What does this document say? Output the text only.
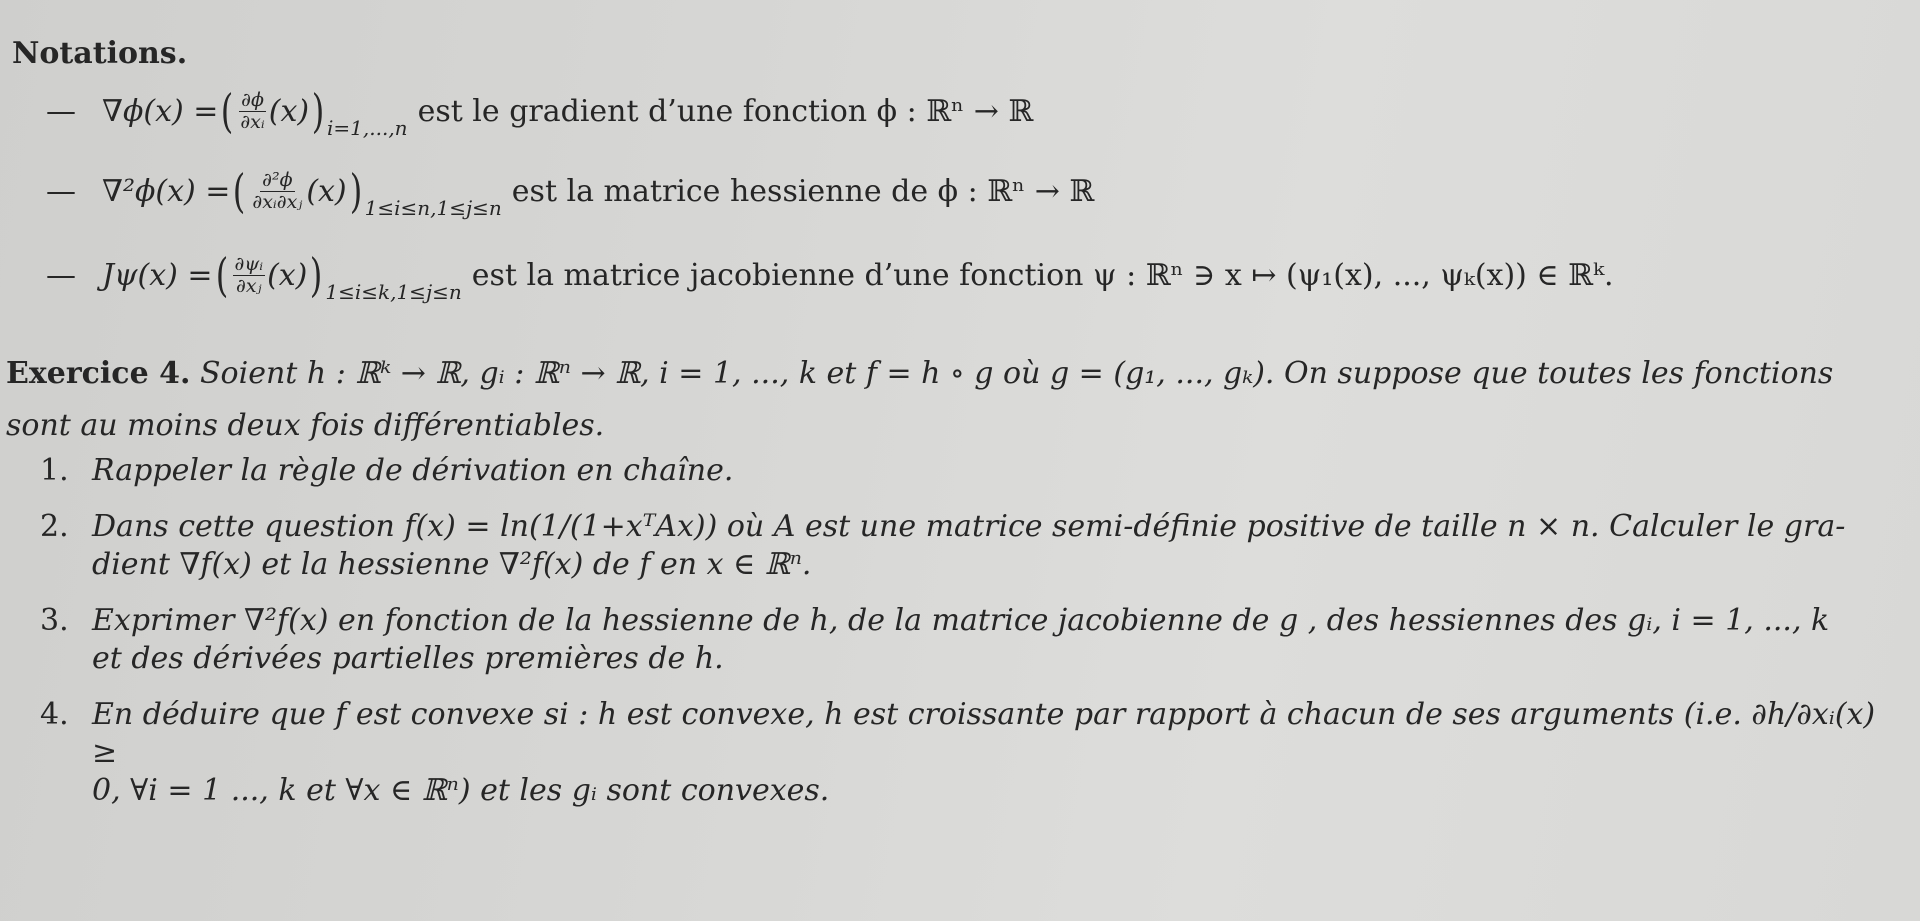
Notations.
— ∇ϕ(x) = ( $\frac{\partial\phi}{\text{∂xᵢ}} (x)$ ) i=1,...,n est le gradient d’une fonction ϕ : ℝⁿ → ℝ
— ∇²ϕ(x) = ( $\frac{\text{∂²ϕ}}{\text{∂xᵢ∂xⱼ}} (x)$ ) 1≤i≤n,1≤j≤n est la matrice hessienne de ϕ : ℝⁿ → ℝ
— Jψ(x) = ( $\frac{\text{∂ψᵢ}}{\text{∂xⱼ}} (x)$ ) 1≤i≤k,1≤j≤n est la matrice jacobienne d’une fonction ψ : ℝⁿ ∋ x ↦ (ψ₁(x), ..., ψₖ(x)) ∈ ℝᵏ.

Exercice 4. Soient h : ℝᵏ → ℝ, gᵢ : ℝⁿ → ℝ, i = 1, ..., k et f = h ∘ g où g = (g₁, ..., gₖ). On suppose que toutes les fonctions sont au moins deux fois différentiables.

1. Rappeler la règle de dérivation en chaîne.
2. Dans cette question f(x) = ln(1/(1+xᵀAx)) où A est une matrice semi-définie positive de taille n × n. Calculer le gra-
dient ∇f(x) et la hessienne ∇²f(x) de f en x ∈ ℝⁿ.
3. Exprimer ∇²f(x) en fonction de la hessienne de h, de la matrice jacobienne de g , des hessiennes des gᵢ, i = 1, ..., k
et des dérivées partielles premières de h.
4. En déduire que f est convexe si : h est convexe, h est croissante par rapport à chacun de ses arguments (i.e. ∂h/∂xᵢ(x) ≥
0, ∀i = 1 ..., k et ∀x ∈ ℝⁿ) et les gᵢ sont convexes.
